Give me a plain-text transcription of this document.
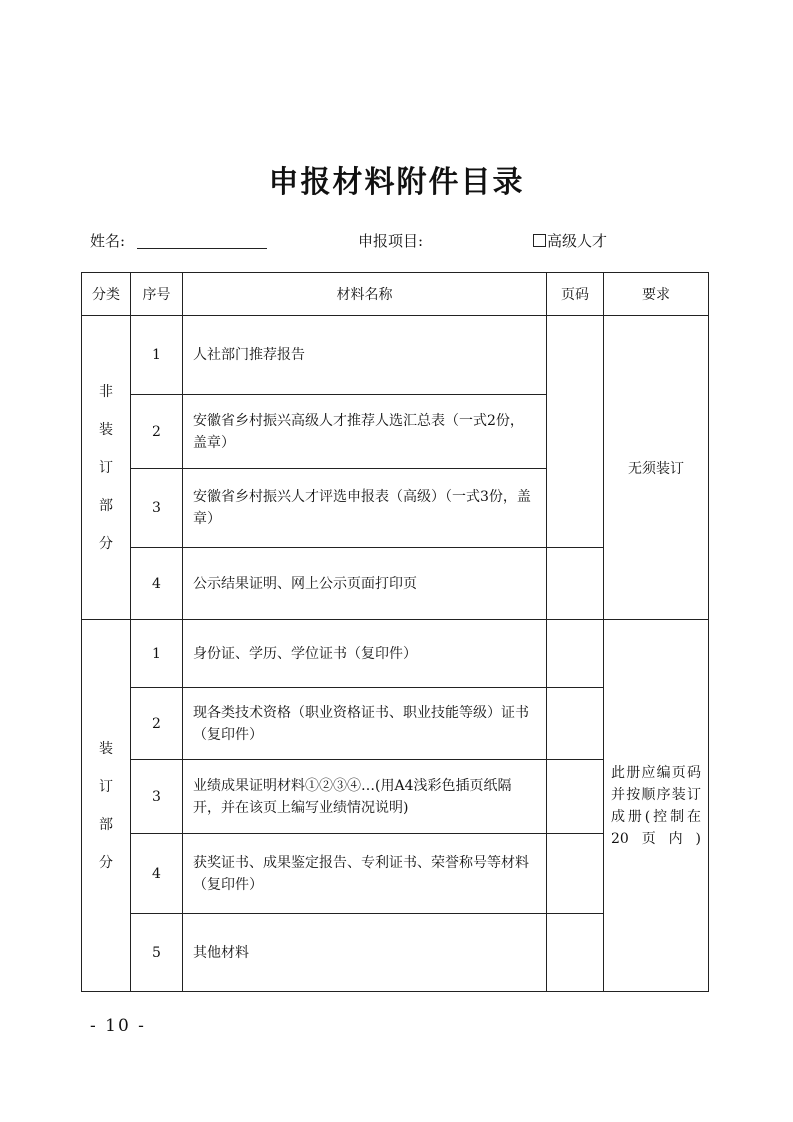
申报材料附件目录
姓名:	申报项目:	高级人才
分类	序号	材料名称	页码	要求

非
装
订
部
分	1	人社部门推荐报告		无须装订
	2	安徽省乡村振兴高级人才推荐人选汇总表（一式2份，盖章）		
	3	安徽省乡村振兴人才评选申报表（高级）（一式3份，盖章）		
	4	公示结果证明、网上公示页面打印页		

装
订
部
分	1	身份证、学历、学位证书（复印件）		此册应编页码并按顺序装订成册(控制在20页内)
	2	现各类技术资格（职业资格证书、职业技能等级）证书（复印件）		
	3	业绩成果证明材料①②③④…(用A4浅彩色插页纸隔开，并在该页上编写业绩情况说明)		
	4	获奖证书、成果鉴定报告、专利证书、荣誉称号等材料（复印件）		
	5	其他材料		
- 10 -
